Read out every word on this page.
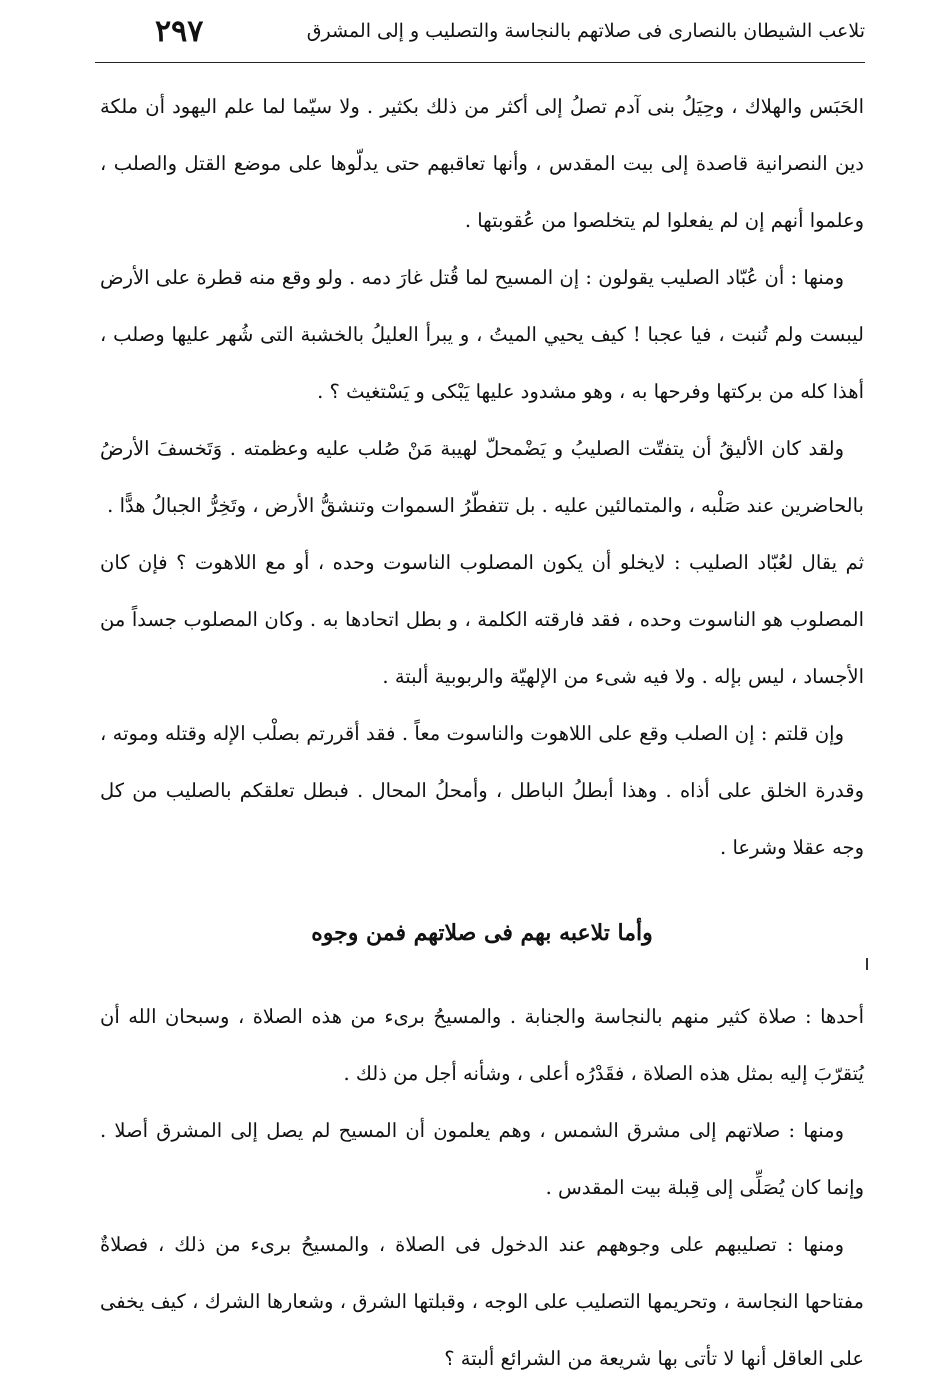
تلاعب الشيطان بالنصارى فى صلاتهم بالنجاسة والتصليب و إلى المشرق
٢٩٧

الحَبَس والهلاك ، وحِيَلُ بنى آدم تصلُ إلى أكثر من ذلك بكثير . ولا سيّما لما علم اليهود أن ملكة دين النصرانية قاصدة إلى بيت المقدس ، وأنها تعاقبهم حتى يدلّوها على موضع القتل والصلب ، وعلموا أنهم إن لم يفعلوا لم يتخلصوا من عُقوبتها .

ومنها : أن عُبّاد الصليب يقولون : إن المسيح لما قُتل غارَ دمه . ولو وقع منه قطرة على الأرض ليبست ولم تُنبت ، فيا عجبا ! كيف يحيي الميتُ ، و يبرأ العليلُ بالخشبة التى شُهر عليها وصلب ، أهذا كله من بركتها وفرحها به ، وهو مشدود عليها يَبْكى و يَسْتغيث ؟ .

ولقد كان الأليقُ أن يتفتّت الصليبُ و يَضْمحلّ لهيبة مَنْ صُلب عليه وعظمته . وَتَخسفَ الأرضُ بالحاضرين عند صَلْبه ، والمتمالئين عليه . بل تتفطّرُ السموات وتنشقُّ الأرض ، وتَخِرُّ الجبالُ هدًّا .

ثم يقال لعُبّاد الصليب : لايخلو أن يكون المصلوب الناسوت وحده ، أو مع اللاهوت ؟ فإن كان المصلوب هو الناسوت وحده ، فقد فارقته الكلمة ، و بطل اتحادها به . وكان المصلوب جسداً من الأجساد ، ليس بإله . ولا فيه شىء من الإلهيّة والربوبية ألبتة .

وإن قلتم : إن الصلب وقع على اللاهوت والناسوت معاً . فقد أقررتم بصلْب الإله وقتله وموته ، وقدرة الخلق على أذاه . وهذا أبطلُ الباطل ، وأمحلُ المحال . فبطل تعلقكم بالصليب من كل وجه عقلا وشرعا .

وأما تلاعبه بهم فى صلاتهم فمن وجوه

أحدها : صلاة كثير منهم بالنجاسة والجنابة . والمسيحُ برىء من هذه الصلاة ، وسبحان الله أن يُتقرّبَ إليه بمثل هذه الصلاة ، فقَدْرُه أعلى ، وشأنه أجل من ذلك .

ومنها : صلاتهم إلى مشرق الشمس ، وهم يعلمون أن المسيح لم يصل إلى المشرق أصلا . وإنما كان يُصَلِّى إلى قِبلة بيت المقدس .

ومنها : تصليبهم على وجوههم عند الدخول فى الصلاة ، والمسيحُ برىء من ذلك ، فصلاةٌ مفتاحها النجاسة ، وتحريمها التصليب على الوجه ، وقبلتها الشرق ، وشعارها الشرك ، كيف يخفى على العاقل أنها لا تأتى بها شريعة من الشرائع ألبتة ؟
